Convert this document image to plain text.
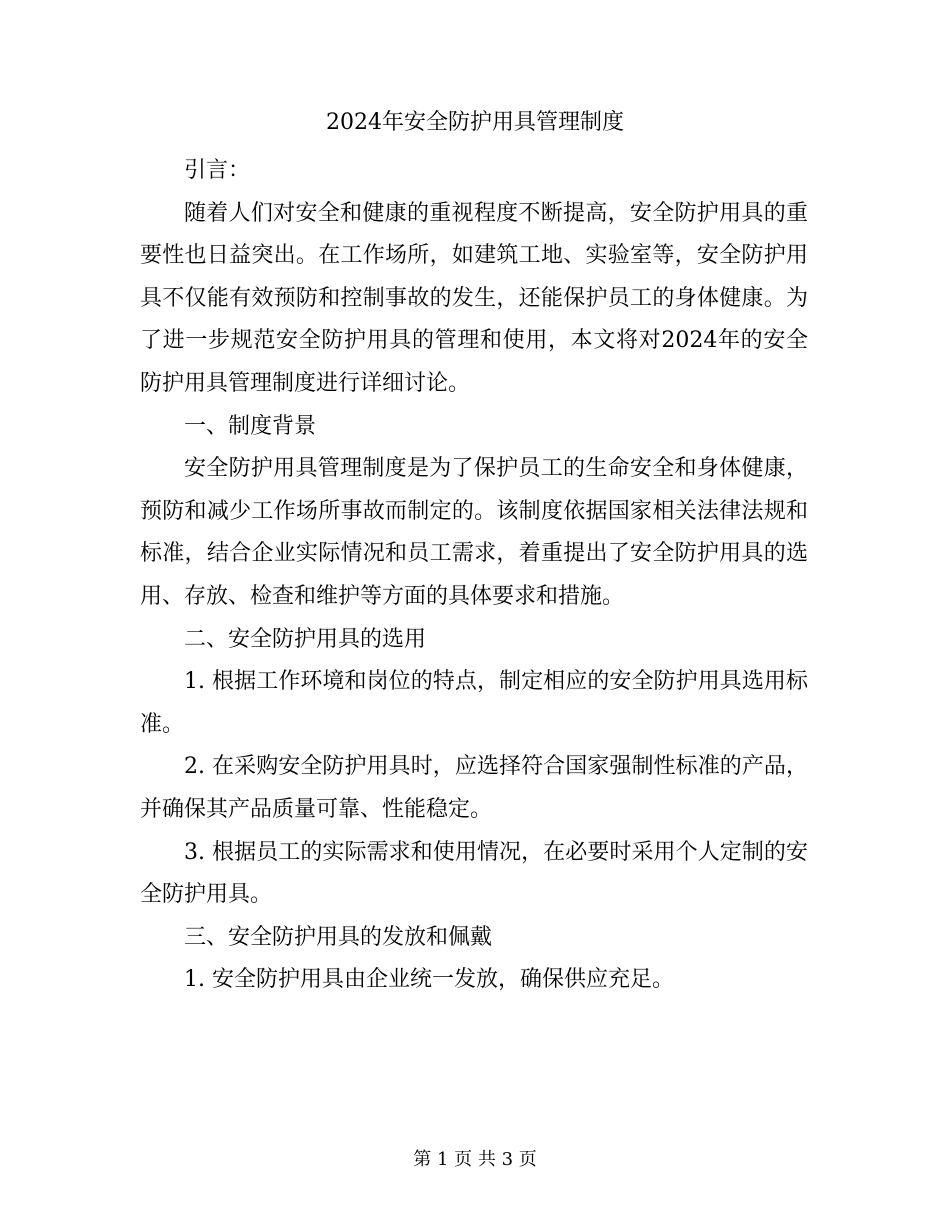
2024年安全防护用具管理制度

引言：

随着人们对安全和健康的重视程度不断提高，安全防护用具的重要性也日益突出。在工作场所，如建筑工地、实验室等，安全防护用具不仅能有效预防和控制事故的发生，还能保护员工的身体健康。为了进一步规范安全防护用具的管理和使用，本文将对2024年的安全防护用具管理制度进行详细讨论。

一、制度背景

安全防护用具管理制度是为了保护员工的生命安全和身体健康，预防和减少工作场所事故而制定的。该制度依据国家相关法律法规和标准，结合企业实际情况和员工需求，着重提出了安全防护用具的选用、存放、检查和维护等方面的具体要求和措施。

二、安全防护用具的选用

1. 根据工作环境和岗位的特点，制定相应的安全防护用具选用标准。

2. 在采购安全防护用具时，应选择符合国家强制性标准的产品，并确保其产品质量可靠、性能稳定。

3. 根据员工的实际需求和使用情况，在必要时采用个人定制的安全防护用具。

三、安全防护用具的发放和佩戴

1. 安全防护用具由企业统一发放，确保供应充足。

第 1 页 共 3 页
